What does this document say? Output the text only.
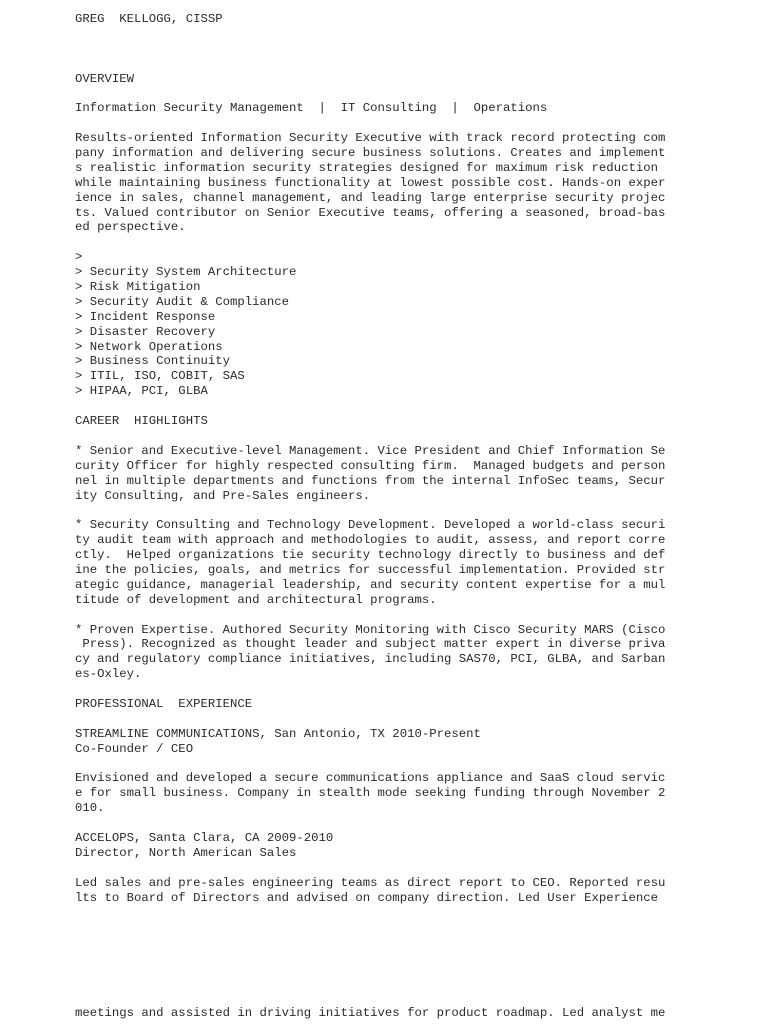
GREG  KELLOGG, CISSP
OVERVIEW
Information Security Management  |  IT Consulting  |  Operations
Results-oriented Information Security Executive with track record protecting com
pany information and delivering secure business solutions. Creates and implement
s realistic information security strategies designed for maximum risk reduction
while maintaining business functionality at lowest possible cost. Hands-on exper
ience in sales, channel management, and leading large enterprise security projec
ts. Valued contributor on Senior Executive teams, offering a seasoned, broad-bas
ed perspective.
>
> Security System Architecture
> Risk Mitigation
> Security Audit & Compliance
> Incident Response
> Disaster Recovery
> Network Operations
> Business Continuity
> ITIL, ISO, COBIT, SAS
> HIPAA, PCI, GLBA
CAREER  HIGHLIGHTS
* Senior and Executive-level Management. Vice President and Chief Information Se
curity Officer for highly respected consulting firm.  Managed budgets and person
nel in multiple departments and functions from the internal InfoSec teams, Secur
ity Consulting, and Pre-Sales engineers.
* Security Consulting and Technology Development. Developed a world-class securi
ty audit team with approach and methodologies to audit, assess, and report corre
ctly.  Helped organizations tie security technology directly to business and def
ine the policies, goals, and metrics for successful implementation. Provided str
ategic guidance, managerial leadership, and security content expertise for a mul
titude of development and architectural programs.
* Proven Expertise. Authored Security Monitoring with Cisco Security MARS (Cisco
Press). Recognized as thought leader and subject matter expert in diverse priva
cy and regulatory compliance initiatives, including SAS70, PCI, GLBA, and Sarban
es-Oxley.
PROFESSIONAL  EXPERIENCE
STREAMLINE COMMUNICATIONS, San Antonio, TX 2010-Present
Co-Founder / CEO
Envisioned and developed a secure communications appliance and SaaS cloud servic
e for small business. Company in stealth mode seeking funding through November 2
010.
ACCELOPS, Santa Clara, CA 2009-2010
Director, North American Sales
Led sales and pre-sales engineering teams as direct report to CEO. Reported resu
lts to Board of Directors and advised on company direction. Led User Experience
meetings and assisted in driving initiatives for product roadmap. Led analyst me
